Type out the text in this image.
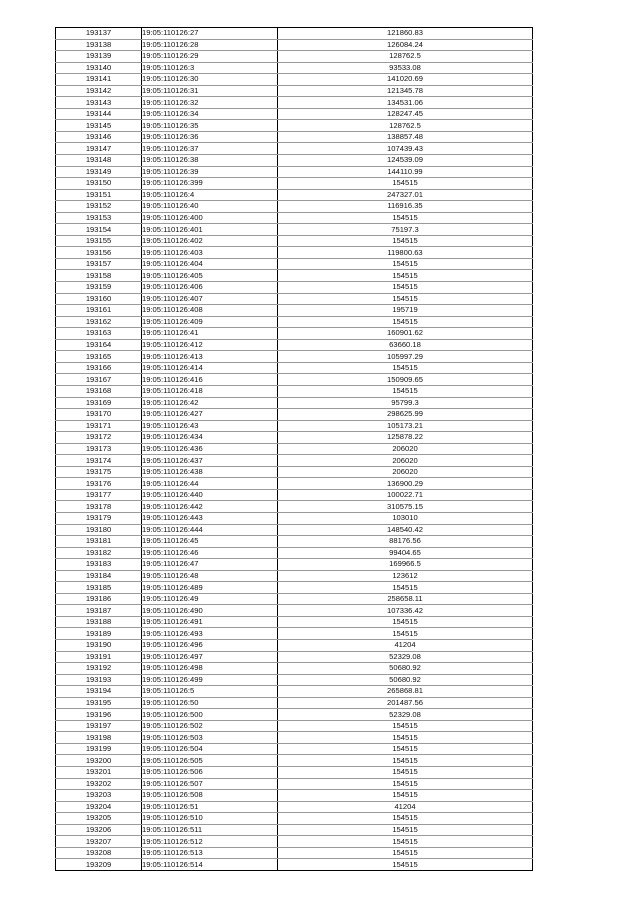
193137	19:05:110126:27	121860.83
193138	19:05:110126:28	126084.24
193139	19:05:110126:29	128762.5
193140	19:05:110126:3	93533.08
193141	19:05:110126:30	141020.69
193142	19:05:110126:31	121345.78
193143	19:05:110126:32	134531.06
193144	19:05:110126:34	128247.45
193145	19:05:110126:35	128762.5
193146	19:05:110126:36	138857.48
193147	19:05:110126:37	107439.43
193148	19:05:110126:38	124539.09
193149	19:05:110126:39	144110.99
193150	19:05:110126:399	154515
193151	19:05:110126:4	247327.01
193152	19:05:110126:40	116916.35
193153	19:05:110126:400	154515
193154	19:05:110126:401	75197.3
193155	19:05:110126:402	154515
193156	19:05:110126:403	119800.63
193157	19:05:110126:404	154515
193158	19:05:110126:405	154515
193159	19:05:110126:406	154515
193160	19:05:110126:407	154515
193161	19:05:110126:408	195719
193162	19:05:110126:409	154515
193163	19:05:110126:41	160901.62
193164	19:05:110126:412	63660.18
193165	19:05:110126:413	105997.29
193166	19:05:110126:414	154515
193167	19:05:110126:416	150909.65
193168	19:05:110126:418	154515
193169	19:05:110126:42	95799.3
193170	19:05:110126:427	298625.99
193171	19:05:110126:43	105173.21
193172	19:05:110126:434	125878.22
193173	19:05:110126:436	206020
193174	19:05:110126:437	206020
193175	19:05:110126:438	206020
193176	19:05:110126:44	136900.29
193177	19:05:110126:440	100022.71
193178	19:05:110126:442	310575.15
193179	19:05:110126:443	103010
193180	19:05:110126:444	148540.42
193181	19:05:110126:45	88176.56
193182	19:05:110126:46	99404.65
193183	19:05:110126:47	169966.5
193184	19:05:110126:48	123612
193185	19:05:110126:489	154515
193186	19:05:110126:49	258658.11
193187	19:05:110126:490	107336.42
193188	19:05:110126:491	154515
193189	19:05:110126:493	154515
193190	19:05:110126:496	41204
193191	19:05:110126:497	52329.08
193192	19:05:110126:498	50680.92
193193	19:05:110126:499	50680.92
193194	19:05:110126:5	265868.81
193195	19:05:110126:50	201487.56
193196	19:05:110126:500	52329.08
193197	19:05:110126:502	154515
193198	19:05:110126:503	154515
193199	19:05:110126:504	154515
193200	19:05:110126:505	154515
193201	19:05:110126:506	154515
193202	19:05:110126:507	154515
193203	19:05:110126:508	154515
193204	19:05:110126:51	41204
193205	19:05:110126:510	154515
193206	19:05:110126:511	154515
193207	19:05:110126:512	154515
193208	19:05:110126:513	154515
193209	19:05:110126:514	154515
